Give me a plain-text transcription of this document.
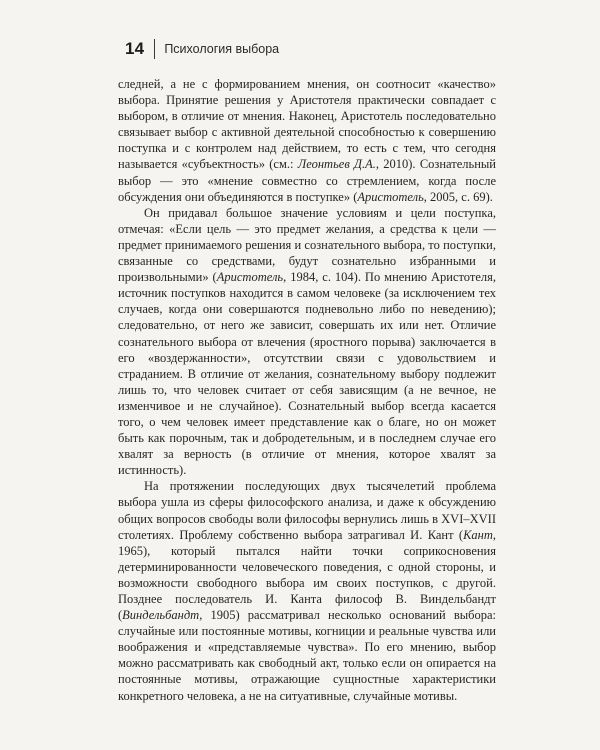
14 Психология выбора

следней, а не с формированием мнения, он соотносит «качество» выбора. Принятие решения у Аристотеля практически совпадает с выбором, в отличие от мнения. Наконец, Аристотель последовательно связывает выбор с активной деятельной способностью к совершению поступка и с контролем над действием, то есть с тем, что сегодня называется «субъектность» (см.: Леонтьев Д.А., 2010). Сознательный выбор — это «мнение совместно со стремлением, когда после обсуждения они объединяются в поступке» (Аристотель, 2005, с. 69).

Он придавал большое значение условиям и цели поступка, отмечая: «Если цель — это предмет желания, а средства к цели — предмет принимаемого решения и сознательного выбора, то поступки, связанные со средствами, будут сознательно избранными и произвольными» (Аристотель, 1984, с. 104). По мнению Аристотеля, источник поступков находится в самом человеке (за исключением тех случаев, когда они совершаются подневольно либо по неведению); следовательно, от него же зависит, совершать их или нет. Отличие сознательного выбора от влечения (яростного порыва) заключается в его «воздержанности», отсутствии связи с удовольствием и страданием. В отличие от желания, сознательному выбору подлежит лишь то, что человек считает от себя зависящим (а не вечное, не изменчивое и не случайное). Сознательный выбор всегда касается того, о чем человек имеет представление как о благе, но он может быть как порочным, так и добродетельным, и в последнем случае его хвалят за верность (в отличие от мнения, которое хвалят за истинность).

На протяжении последующих двух тысячелетий проблема выбора ушла из сферы философского анализа, и даже к обсуждению общих вопросов свободы воли философы вернулись лишь в XVI–XVII столетиях. Проблему собственно выбора затрагивал И. Кант (Кант, 1965), который пытался найти точки соприкосновения детерминированности человеческого поведения, с одной стороны, и возможности свободного выбора им своих поступков, с другой. Позднее последователь И. Канта философ В. Виндельбандт (Виндельбандт, 1905) рассматривал несколько оснований выбора: случайные или постоянные мотивы, когниции и реальные чувства или воображения и «представляемые чувства». По его мнению, выбор можно рассматривать как свободный акт, только если он опирается на постоянные мотивы, отражающие сущностные характеристики конкретного человека, а не на ситуативные, случайные мотивы.
